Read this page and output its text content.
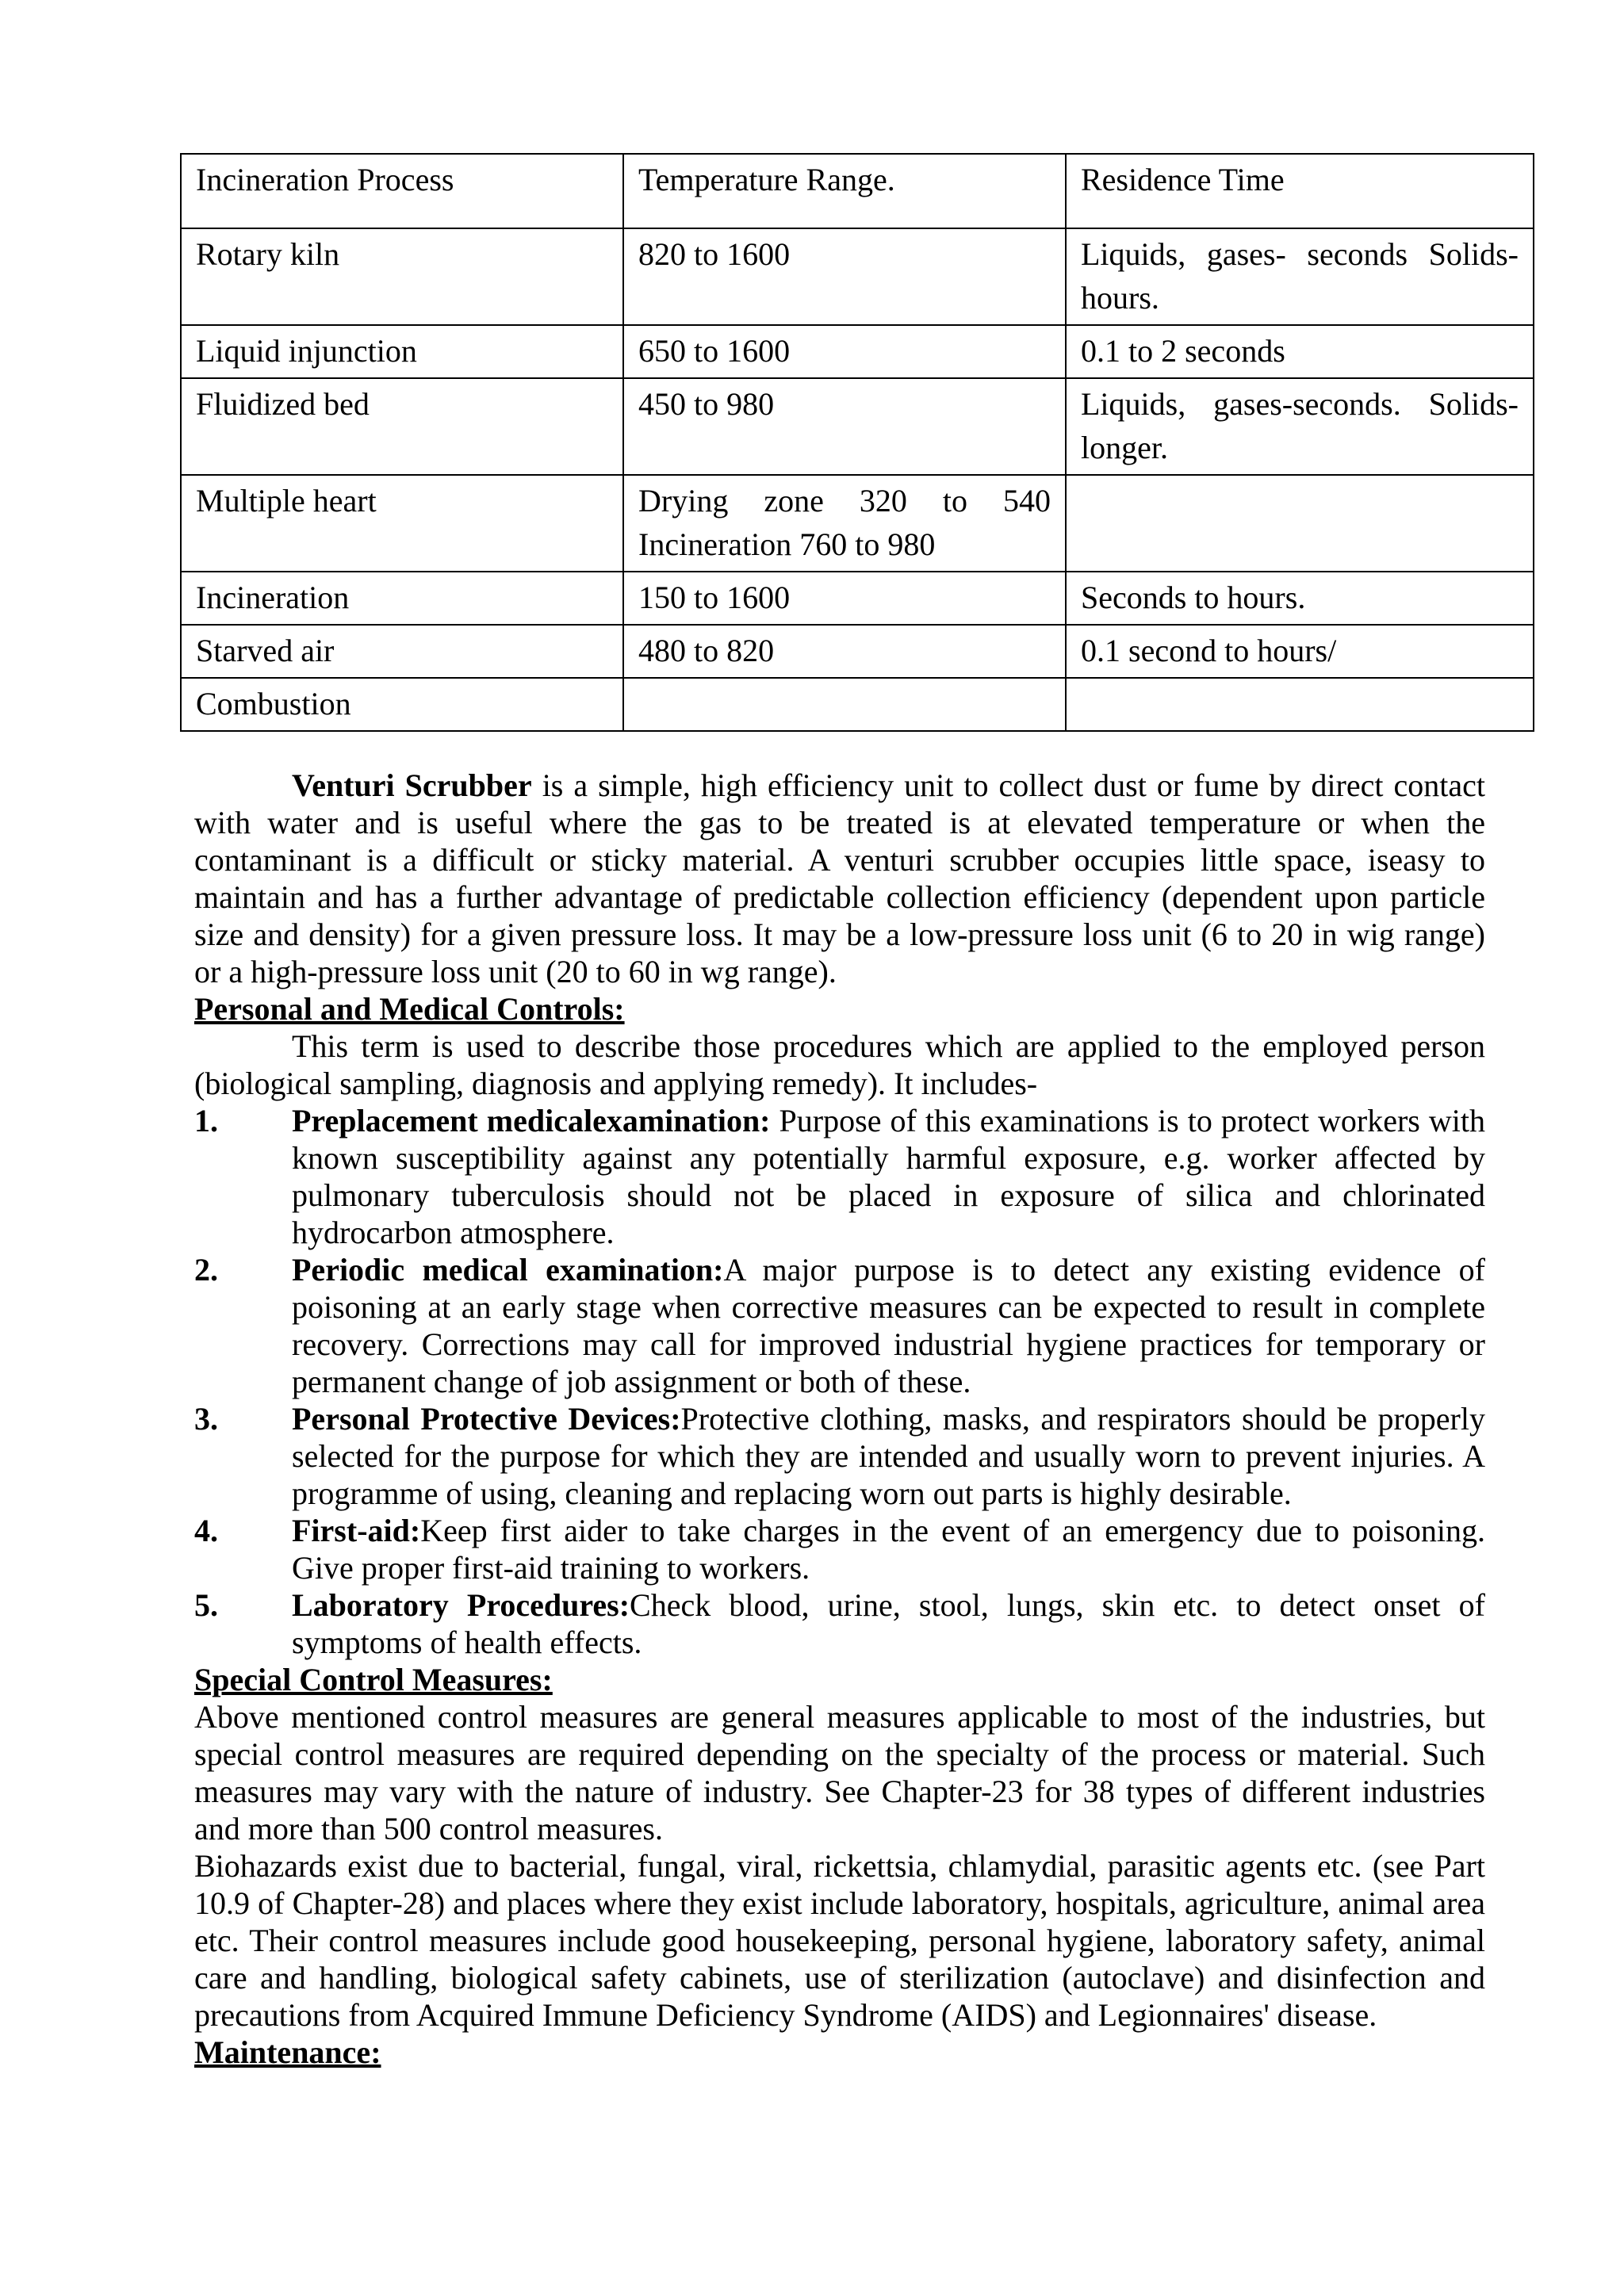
Incineration Process	Temperature Range.	Residence Time
Rotary kiln	820 to 1600	Liquids, gases- seconds Solids-hours.
Liquid injunction	650 to 1600	0.1 to 2 seconds
Fluidized bed	450 to 980	Liquids, gases-seconds. Solids-longer.
Multiple heart	Drying zone 320 to 540 Incineration 760 to 980	
Incineration	150 to 1600	Seconds to hours.
Starved air	480 to 820	0.1 second to hours/
Combustion		

Venturi Scrubber is a simple, high efficiency unit to collect dust or fume by direct contact with water and is useful where the gas to be treated is at elevated temperature or when the contaminant is a difficult or sticky material. A venturi scrubber occupies little space, iseasy to maintain and has a further advantage of predictable collection efficiency (dependent upon particle size and density) for a given pressure loss. It may be a low-pressure loss unit (6 to 20 in wig range) or a high-pressure loss unit (20 to 60 in wg range).

Personal and Medical Controls:

This term is used to describe those procedures which are applied to the employed person (biological sampling, diagnosis and applying remedy). It includes-

1. Preplacement medicalexamination: Purpose of this examinations is to protect workers with known susceptibility against any potentially harmful exposure, e.g. worker affected by pulmonary tuberculosis should not be placed in exposure of silica and chlorinated hydrocarbon atmosphere.
2. Periodic medical examination:A major purpose is to detect any existing evidence of poisoning at an early stage when corrective measures can be expected to result in complete recovery. Corrections may call for improved industrial hygiene practices for temporary or permanent change of job assignment or both of these.
3. Personal Protective Devices:Protective clothing, masks, and respirators should be properly selected for the purpose for which they are intended and usually worn to prevent injuries. A programme of using, cleaning and replacing worn out parts is highly desirable.
4. First-aid:Keep first aider to take charges in the event of an emergency due to poisoning. Give proper first-aid training to workers.
5. Laboratory Procedures:Check blood, urine, stool, lungs, skin etc. to detect onset of symptoms of health effects.

Special Control Measures:

Above mentioned control measures are general measures applicable to most of the industries, but special control measures are required depending on the specialty of the process or material. Such measures may vary with the nature of industry. See Chapter-23 for 38 types of different industries and more than 500 control measures.

Biohazards exist due to bacterial, fungal, viral, rickettsia, chlamydial, parasitic agents etc. (see Part 10.9 of Chapter-28) and places where they exist include laboratory, hospitals, agriculture, animal area etc. Their control measures include good housekeeping, personal hygiene, laboratory safety, animal care and handling, biological safety cabinets, use of sterilization (autoclave) and disinfection and precautions from Acquired Immune Deficiency Syndrome (AIDS) and Legionnaires' disease.

Maintenance:
